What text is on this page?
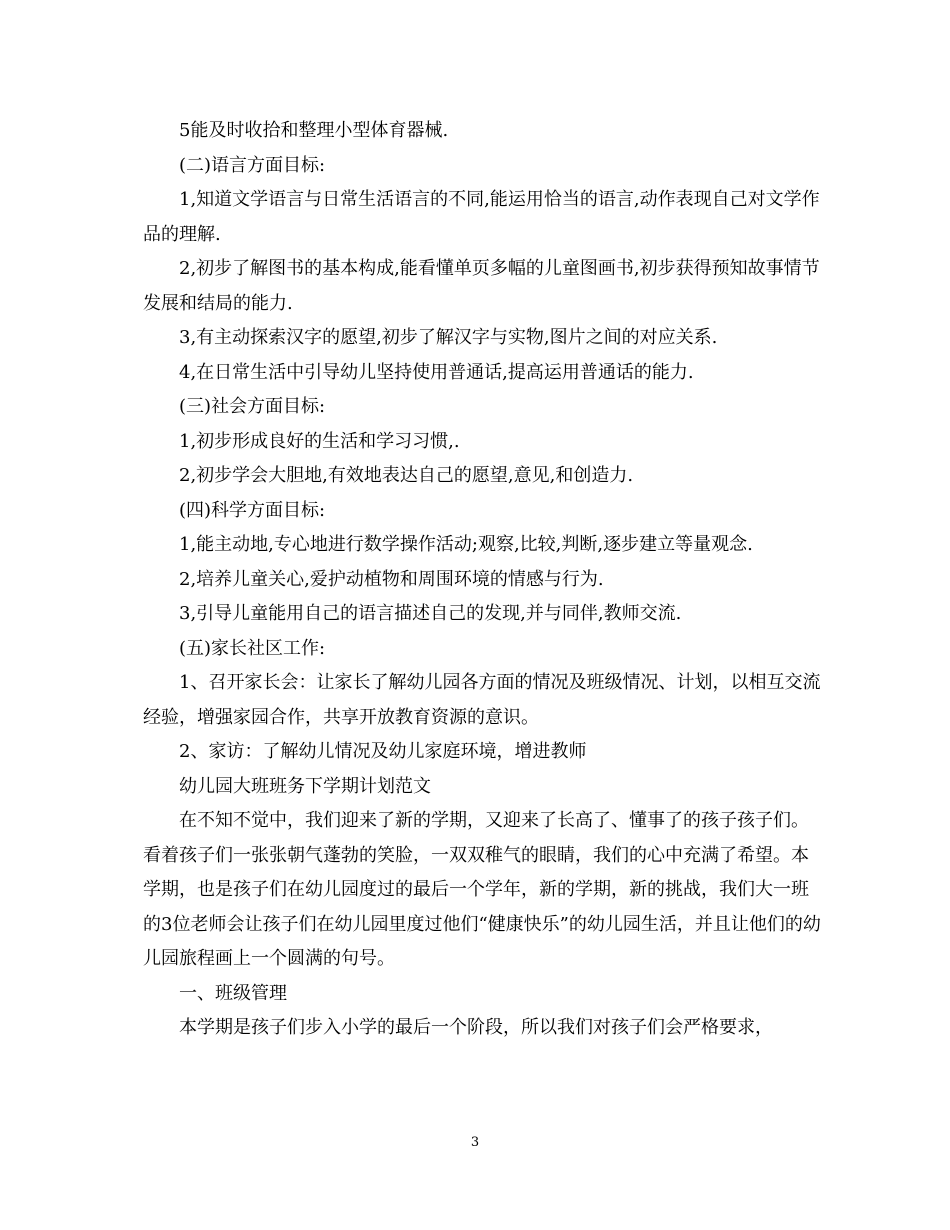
5能及时收拾和整理小型体育器械.

(二)语言方面目标:

1,知道文学语言与日常生活语言的不同,能运用恰当的语言,动作表现自己对文学作品的理解.

2,初步了解图书的基本构成,能看懂单页多幅的儿童图画书,初步获得预知故事情节发展和结局的能力.

3,有主动探索汉字的愿望,初步了解汉字与实物,图片之间的对应关系.

4,在日常生活中引导幼儿坚持使用普通话,提高运用普通话的能力.

(三)社会方面目标:

1,初步形成良好的生活和学习习惯,.

2,初步学会大胆地,有效地表达自己的愿望,意见,和创造力.

(四)科学方面目标:

1,能主动地,专心地进行数学操作活动;观察,比较,判断,逐步建立等量观念.

2,培养儿童关心,爱护动植物和周围环境的情感与行为.

3,引导儿童能用自己的语言描述自己的发现,并与同伴,教师交流.

(五)家长社区工作:

1、召开家长会：让家长了解幼儿园各方面的情况及班级情况、计划，以相互交流经验，增强家园合作，共享开放教育资源的意识。

2、家访：了解幼儿情况及幼儿家庭环境，增进教师

幼儿园大班班务下学期计划范文

在不知不觉中，我们迎来了新的学期，又迎来了长高了、懂事了的孩子孩子们。看着孩子们一张张朝气蓬勃的笑脸，一双双稚气的眼睛，我们的心中充满了希望。本学期，也是孩子们在幼儿园度过的最后一个学年，新的学期，新的挑战，我们大一班的3位老师会让孩子们在幼儿园里度过他们“健康快乐”的幼儿园生活，并且让他们的幼儿园旅程画上一个圆满的句号。

一、班级管理

本学期是孩子们步入小学的最后一个阶段，所以我们对孩子们会严格要求，

3
